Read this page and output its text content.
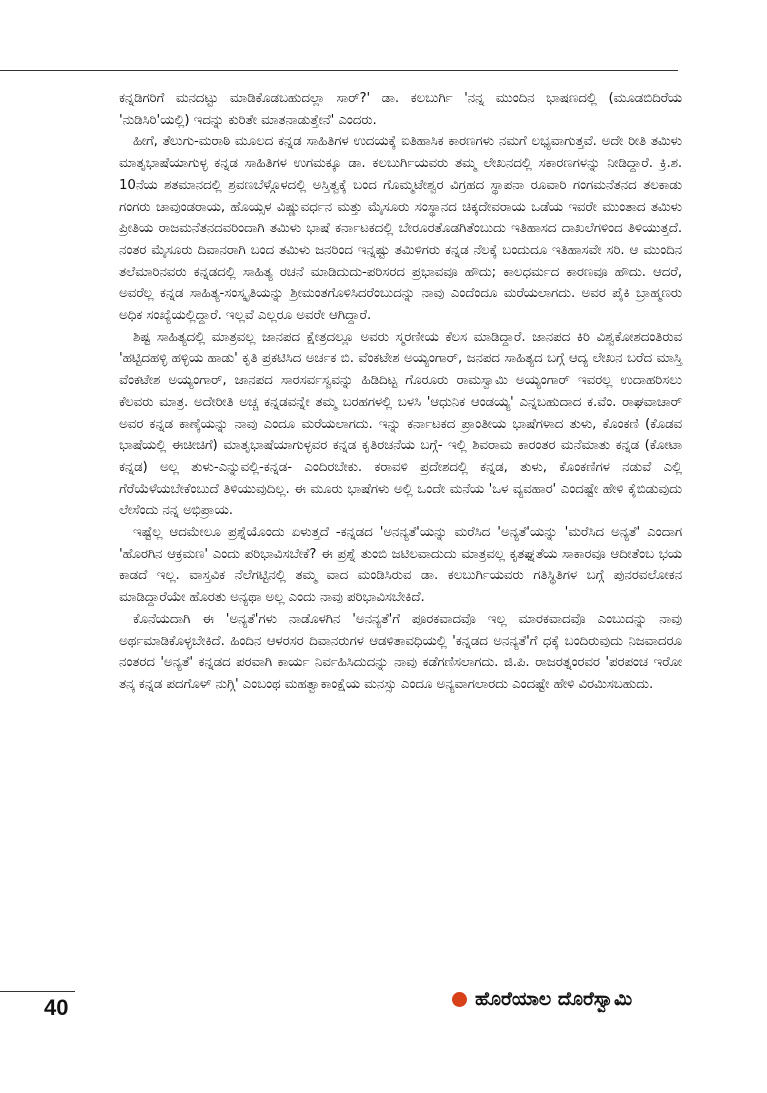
ಕನ್ನಡಿಗರಿಗೆ ಮನದಟ್ಟು ಮಾಡಿಕೊಡಬಹುದಲ್ಲಾ ಸಾರ್?' ಡಾ. ಕಲಬುರ್ಗಿ 'ನನ್ನ ಮುಂದಿನ ಭಾಷಣದಲ್ಲಿ (ಮೂಡಬಿದಿರೆಯ 'ನುಡಿಸಿರಿ'ಯಲ್ಲಿ) ಇದನ್ನು ಕುರಿತೇ ಮಾತನಾಡುತ್ತೇನೆ' ಎಂದರು.

ಹೀಗೆ, ತೆಲುಗು-ಮರಾಠಿ ಮೂಲದ ಕನ್ನಡ ಸಾಹಿತಿಗಳ ಉದಯಕ್ಕೆ ಐತಿಹಾಸಿಕ ಕಾರಣಗಳು ನಮಗೆ ಲಭ್ಯವಾಗುತ್ತವೆ. ಅದೇ ರೀತಿ ತಮಿಳು ಮಾತೃಭಾಷೆಯಾಗುಳ್ಳ ಕನ್ನಡ ಸಾಹಿತಿಗಳ ಉಗಮಕ್ಕೂ ಡಾ. ಕಲಬುರ್ಗಿಯವರು ತಮ್ಮ ಲೇಖನದಲ್ಲಿ ಸಕಾರಣಗಳನ್ನು ನೀಡಿದ್ದಾರೆ. ಕ್ರಿ.ಶ. 10ನೆಯ ಶತಮಾನದಲ್ಲಿ ಶ್ರವಣಬೆಳ್ಗೊಳದಲ್ಲಿ ಅಸ್ತಿತ್ವಕ್ಕೆ ಬಂದ ಗೊಮ್ಮಟೇಶ್ವರ ವಿಗ್ರಹದ ಸ್ಥಾಪನಾ ರೂವಾರಿ ಗಂಗಮನೆತನದ ತಲಕಾಡು ಗಂಗರು ಚಾವುಂಡರಾಯ, ಹೊಯ್ಸಳ ವಿಷ್ಣುವರ್ಧನ ಮತ್ತು ಮೈಸೂರು ಸಂಸ್ಥಾನದ ಚಿಕ್ಕದೇವರಾಯ ಒಡೆಯ ಇವರೇ ಮುಂತಾದ ತಮಿಳು ಪ್ರೀತಿಯ ರಾಜಮನೆತನದವರಿಂದಾಗಿ ತಮಿಳು ಭಾಷೆ ಕರ್ನಾಟಕದಲ್ಲಿ ಬೇರೂರತೊಡಗಿತೆಂಬುದು ಇತಿಹಾಸದ ದಾಖಲೆಗಳಿಂದ ತಿಳಿಯುತ್ತದೆ. ನಂತರ ಮೈಸೂರು ದಿವಾನರಾಗಿ ಬಂದ ತಮಿಳು ಜನರಿಂದ ಇನ್ನಷ್ಟು ತಮಿಳಿಗರು ಕನ್ನಡ ನೆಲಕ್ಕೆ ಬಂದುದೂ ಇತಿಹಾಸವೇ ಸರಿ. ಆ ಮುಂದಿನ ತಲೆಮಾರಿನವರು ಕನ್ನಡದಲ್ಲಿ ಸಾಹಿತ್ಯ ರಚನೆ ಮಾಡಿದುದು-ಪರಿಸರದ ಪ್ರಭಾವವೂ ಹೌದು; ಕಾಲಧರ್ಮದ ಕಾರಣವೂ ಹೌದು. ಆದರೆ, ಅವರೆಲ್ಲ ಕನ್ನಡ ಸಾಹಿತ್ಯ-ಸಂಸ್ಕೃತಿಯನ್ನು ಶ್ರೀಮಂತಗೊಳಿಸಿದರೆಂಬುದನ್ನು ನಾವು ಎಂದೆಂದೂ ಮರೆಯಲಾಗದು. ಅವರ ಪೈಕಿ ಬ್ರಾಹ್ಮಣರು ಅಧಿಕ ಸಂಖ್ಯೆಯಲ್ಲಿದ್ದಾರೆ. ಇಲ್ಲವೆ ಎಲ್ಲರೂ ಅವರೇ ಆಗಿದ್ದಾರೆ.

ಶಿಷ್ಟ ಸಾಹಿತ್ಯದಲ್ಲಿ ಮಾತ್ರವಲ್ಲ ಜಾನಪದ ಕ್ಷೇತ್ರದಲ್ಲೂ ಅವರು ಸ್ಮರಣೀಯ ಕೆಲಸ ಮಾಡಿದ್ದಾರೆ. ಜಾನಪದ ಕಿರಿ ವಿಶ್ವಕೋಶದಂತಿರುವ 'ಹಟ್ಟಿದಹಳ್ಳಿ ಹಳ್ಳಿಯ ಹಾಡು' ಕೃತಿ ಪ್ರಕಟಿಸಿದ ಅರ್ಚಕ ಬಿ. ವೆಂಕಟೇಶ ಅಯ್ಯಂಗಾರ್, ಜನಪದ ಸಾಹಿತ್ಯದ ಬಗ್ಗೆ ಆದ್ಯ ಲೇಖನ ಬರೆದ ಮಾಸ್ತಿ ವೆಂಕಟೇಶ ಅಯ್ಯಂಗಾರ್, ಜಾನಪದ ಸಾರಸರ್ವಸ್ವವನ್ನು ಹಿಡಿದಿಟ್ಟ ಗೊರೂರು ರಾಮಸ್ವಾಮಿ ಅಯ್ಯಂಗಾರ್ ಇವರಲ್ಲ ಉದಾಹರಿಸಲು ಕೆಲವರು ಮಾತ್ರ. ಅದೇರೀತಿ ಅಚ್ಚ ಕನ್ನಡವನ್ನೇ ತಮ್ಮ ಬರಹಗಳಲ್ಲಿ ಬಳಸಿ 'ಆಧುನಿಕ ಆಂಡಯ್ಯ' ಎನ್ನಬಹುದಾದ ಕ.ವೆಂ. ರಾಘವಾಚಾರ್ ಅವರ ಕನ್ನಡ ಕಾಣ್ಕೆಯನ್ನು ನಾವು ಎಂದೂ ಮರೆಯಲಾಗದು. ಇನ್ನು ಕರ್ನಾಟಕದ ಪ್ರಾಂತೀಯ ಭಾಷೆಗಳಾದ ತುಳು, ಕೊಂಕಣಿ (ಕೊಡವ ಭಾಷೆಯಲ್ಲಿ ಈಚೀಚಿಗೆ) ಮಾತೃಭಾಷೆಯಾಗುಳ್ಳವರ ಕನ್ನಡ ಕೃತಿರಚನೆಯ ಬಗ್ಗೆ- ಇಲ್ಲಿ ಶಿವರಾಮ ಕಾರಂತರ ಮನೆಮಾತು ಕನ್ನಡ (ಕೋಟಾ ಕನ್ನಡ) ಅಲ್ಲ ತುಳು-ಎನ್ನುವಲ್ಲಿ-ಕನ್ನಡ- ಎಂದಿರಬೇಕು. ಕರಾವಳಿ ಪ್ರದೇಶದಲ್ಲಿ ಕನ್ನಡ, ತುಳು, ಕೊಂಕಣಿಗಳ ನಡುವೆ ಎಲ್ಲಿ ಗೆರೆಯೆಳೆಯಬೇಕೆಂಬುದೆ ತಿಳಿಯುವುದಿಲ್ಲ. ಈ ಮೂರು ಭಾಷೆಗಳು ಅಲ್ಲಿ ಒಂದೇ ಮನೆಯ 'ಒಳ ವ್ಯವಹಾರ' ಎಂದಷ್ಟೇ ಹೇಳಿ ಕೈಬಿಡುವುದು ಲೇಸೆಂದು ನನ್ನ ಅಭಿಪ್ರಾಯ.

ಇಷ್ಟೆಲ್ಲ ಆದಮೇಲೂ ಪ್ರಶ್ನೆಯೊಂದು ಏಳುತ್ತದೆ -ಕನ್ನಡದ 'ಅನನ್ಯತೆ'ಯನ್ನು ಮರೆಸಿದ 'ಅನ್ಯತೆ'ಯನ್ನು 'ಮರೆಸಿದ ಅನ್ಯತೆ' ಎಂದಾಗ 'ಹೊರಗಿನ ಆಕ್ರಮಣ' ಎಂದು ಪರಿಭಾವಿಸಬೇಕೆ? ಈ ಪ್ರಶ್ನೆ ತುಂಬಿ ಜಟಿಲವಾದುದು ಮಾತ್ರವಲ್ಲ ಕೃತಘ್ನತೆಯ ಸಾಕಾರವೂ ಆದೀತೆಂಬ ಭಯ ಕಾಡದೆ ಇಲ್ಲ. ವಾಸ್ತವಿಕ ನೆಲೆಗಟ್ಟಿನಲ್ಲಿ ತಮ್ಮ ವಾದ ಮಂಡಿಸಿರುವ ಡಾ. ಕಲಬುರ್ಗಿಯವರು ಗತಿಸ್ಥಿತಿಗಳ ಬಗ್ಗೆ ಪುನರವಲೋಕನ ಮಾಡಿದ್ದಾರೆಯೇ ಹೊರತು ಅನ್ಯಥಾ ಅಲ್ಲ ಎಂದು ನಾವು ಪರಿಭಾವಿಸಬೇಕಿದೆ.

ಕೊನೆಯದಾಗಿ ಈ 'ಅನ್ಯತೆ'ಗಳು ನಾಡೊಳಗಿನ 'ಅನನ್ಯತೆ'ಗೆ ಪೂರಕವಾದವೊ ಇಲ್ಲ ಮಾರಕವಾದವೊ ಎಂಬುದನ್ನು ನಾವು ಅರ್ಥಮಾಡಿಕೊಳ್ಳಬೇಕಿದೆ. ಹಿಂದಿನ ಆಳರಸರ ದಿವಾನರುಗಳ ಆಡಳಿತಾವಧಿಯಲ್ಲಿ 'ಕನ್ನಡದ ಅನನ್ಯತೆ'ಗೆ ಧಕ್ಕೆ ಬಂದಿರುವುದು ನಿಜವಾದರೂ ನಂತರದ 'ಅನ್ಯತೆ' ಕನ್ನಡದ ಪರವಾಗಿ ಕಾರ್ಯ ನಿರ್ವಹಿಸಿದುದನ್ನು ನಾವು ಕಡೆಗಣಿಸಲಾಗದು. ಜಿ.ಪಿ. ರಾಜರತ್ನಂರವರ 'ಪರಪಂಚ ಇರೋ ತನ್ಕ ಕನ್ನಡ ಪದಗೊಳ್ ನುಗ್ಗಿ' ಎಂಬಂಥ ಮಹತ್ವಾಕಾಂಕ್ಷೆಯ ಮನಸ್ಸು ಎಂದೂ ಅನ್ಯವಾಗಲಾರದು ಎಂದಷ್ಟೇ ಹೇಳಿ ವಿರಮಿಸಬಹುದು.

40	ಹೊರೆಯಾಲ ದೊರೆಸ್ವಾಮಿ
